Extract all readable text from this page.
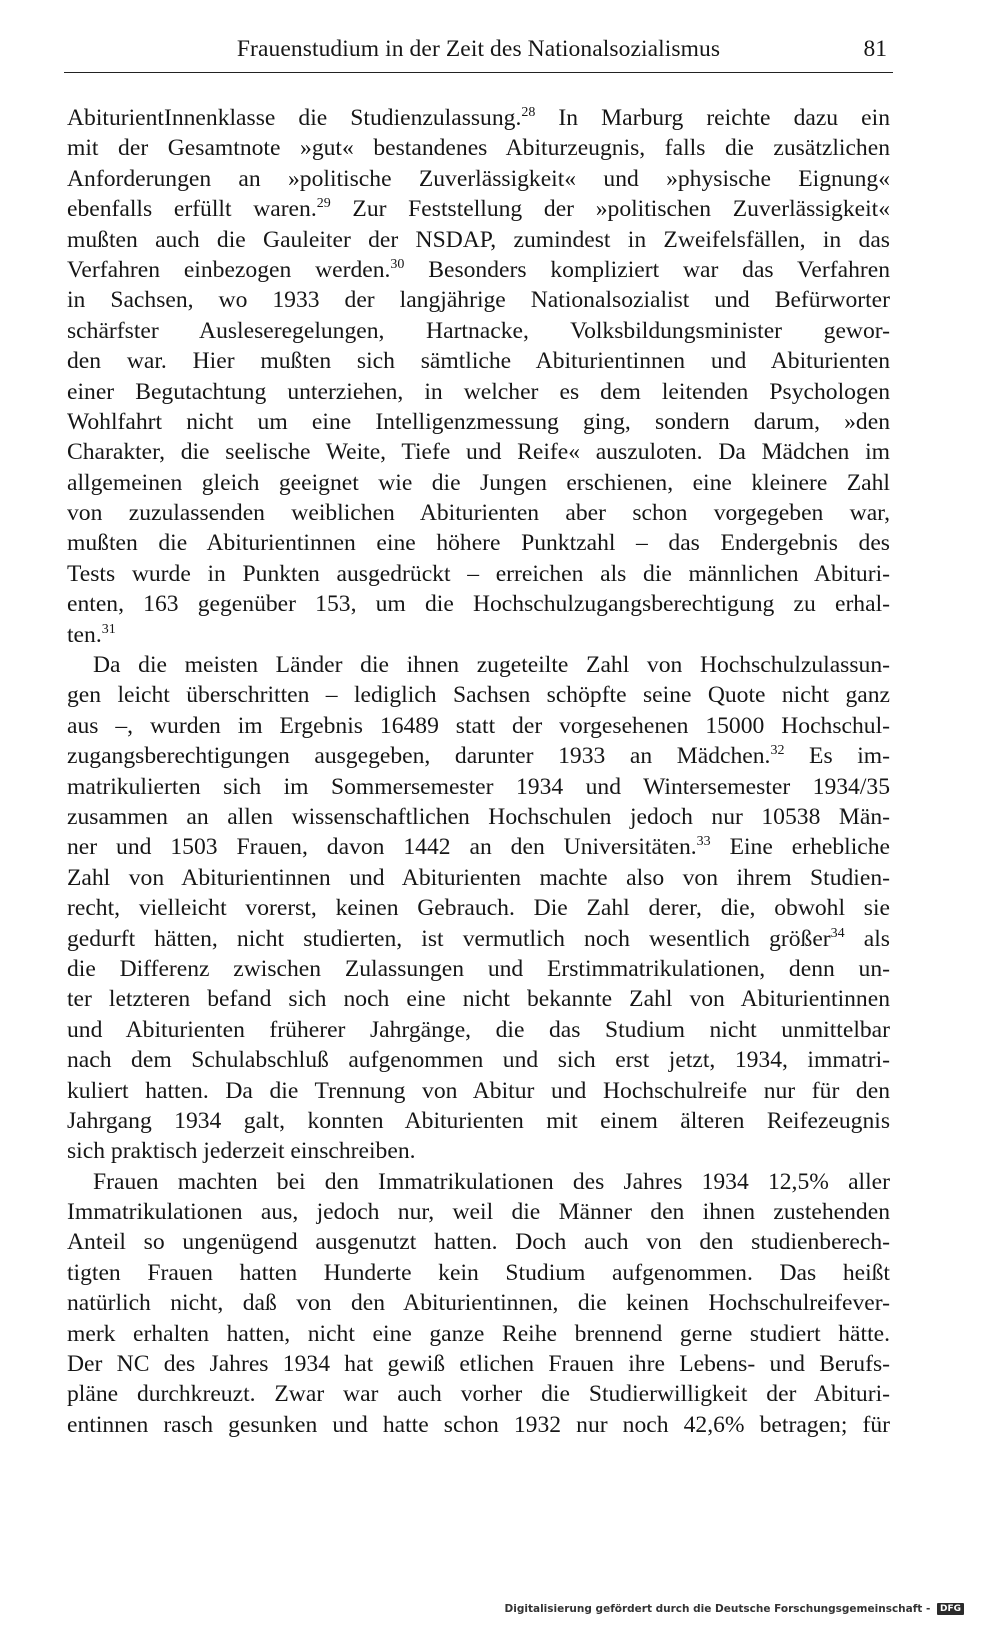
Frauenstudium in der Zeit des Nationalsozialismus	81
AbiturientInnenklasse die Studienzulassung.$^{28}$ In Marburg reichte dazu ein
mit der Gesamtnote »gut« bestandenes Abiturzeugnis, falls die zusätzlichen
Anforderungen an »politische Zuverlässigkeit« und »physische Eignung«
ebenfalls erfüllt waren.$^{29}$ Zur Feststellung der »politischen Zuverlässigkeit«
mußten auch die Gauleiter der NSDAP, zumindest in Zweifelsfällen, in das
Verfahren einbezogen werden.$^{30}$ Besonders kompliziert war das Verfahren
in Sachsen, wo 1933 der langjährige Nationalsozialist und Befürworter
schärfster Ausleseregelungen, Hartnacke, Volksbildungsminister gewor-
den war. Hier mußten sich sämtliche Abiturientinnen und Abiturienten
einer Begutachtung unterziehen, in welcher es dem leitenden Psychologen
Wohlfahrt nicht um eine Intelligenzmessung ging, sondern darum, »den
Charakter, die seelische Weite, Tiefe und Reife« auszuloten. Da Mädchen im
allgemeinen gleich geeignet wie die Jungen erschienen, eine kleinere Zahl
von zuzulassenden weiblichen Abiturienten aber schon vorgegeben war,
mußten die Abiturientinnen eine höhere Punktzahl – das Endergebnis des
Tests wurde in Punkten ausgedrückt – erreichen als die männlichen Abituri-
enten, 163 gegenüber 153, um die Hochschulzugangsberechtigung zu erhal-
ten.$^{31}$
Da die meisten Länder die ihnen zugeteilte Zahl von Hochschulzulassun-
gen leicht überschritten – lediglich Sachsen schöpfte seine Quote nicht ganz
aus –, wurden im Ergebnis 16489 statt der vorgesehenen 15000 Hochschul-
zugangsberechtigungen ausgegeben, darunter 1933 an Mädchen.$^{32}$ Es im-
matrikulierten sich im Sommersemester 1934 und Wintersemester 1934/35
zusammen an allen wissenschaftlichen Hochschulen jedoch nur 10538 Män-
ner und 1503 Frauen, davon 1442 an den Universitäten.$^{33}$ Eine erhebliche
Zahl von Abiturientinnen und Abiturienten machte also von ihrem Studien-
recht, vielleicht vorerst, keinen Gebrauch. Die Zahl derer, die, obwohl sie
gedurft hätten, nicht studierten, ist vermutlich noch wesentlich größer$^{34}$ als
die Differenz zwischen Zulassungen und Erstimmatrikulationen, denn un-
ter letzteren befand sich noch eine nicht bekannte Zahl von Abiturientinnen
und Abiturienten früherer Jahrgänge, die das Studium nicht unmittelbar
nach dem Schulabschluß aufgenommen und sich erst jetzt, 1934, immatri-
kuliert hatten. Da die Trennung von Abitur und Hochschulreife nur für den
Jahrgang 1934 galt, konnten Abiturienten mit einem älteren Reifezeugnis
sich praktisch jederzeit einschreiben.
Frauen machten bei den Immatrikulationen des Jahres 1934 12,5% aller
Immatrikulationen aus, jedoch nur, weil die Männer den ihnen zustehenden
Anteil so ungenügend ausgenutzt hatten. Doch auch von den studienberech-
tigten Frauen hatten Hunderte kein Studium aufgenommen. Das heißt
natürlich nicht, daß von den Abiturientinnen, die keinen Hochschulreifever-
merk erhalten hatten, nicht eine ganze Reihe brennend gerne studiert hätte.
Der NC des Jahres 1934 hat gewiß etlichen Frauen ihre Lebens- und Berufs-
pläne durchkreuzt. Zwar war auch vorher die Studierwilligkeit der Abituri-
entinnen rasch gesunken und hatte schon 1932 nur noch 42,6% betragen; für
Digitalisierung gefördert durch die Deutsche Forschungsgemeinschaft - DFG
